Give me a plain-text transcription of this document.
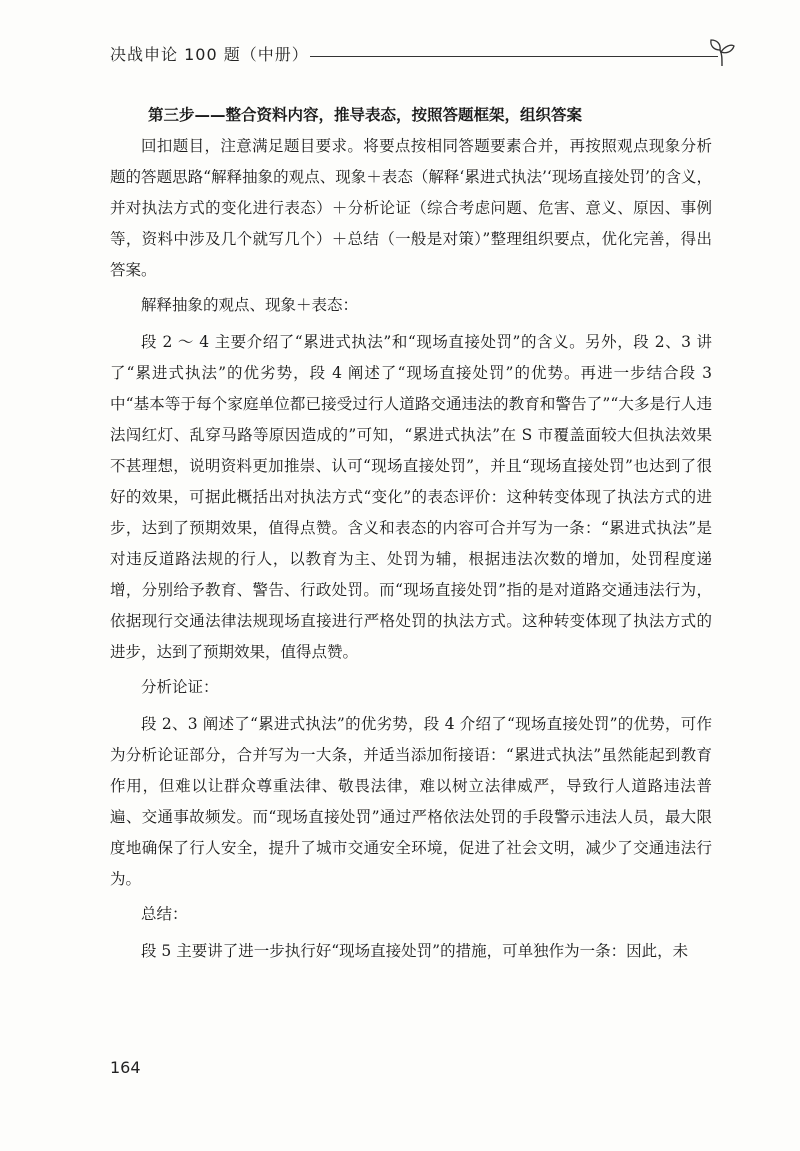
决战申论 100 题（中册）

第三步——整合资料内容，推导表态，按照答题框架，组织答案

回扣题目，注意满足题目要求。将要点按相同答题要素合并，再按照观点现象分析题的答题思路“解释抽象的观点、现象＋表态（解释‘累进式执法’‘现场直接处罚’的含义，并对执法方式的变化进行表态）＋分析论证（综合考虑问题、危害、意义、原因、事例等，资料中涉及几个就写几个）＋总结（一般是对策）”整理组织要点，优化完善，得出答案。

解释抽象的观点、现象＋表态：

段 2 ～ 4 主要介绍了“累进式执法”和“现场直接处罚”的含义。另外，段 2、3 讲了“累进式执法”的优劣势，段 4 阐述了“现场直接处罚”的优势。再进一步结合段 3 中“基本等于每个家庭单位都已接受过行人道路交通违法的教育和警告了”“大多是行人违法闯红灯、乱穿马路等原因造成的”可知，“累进式执法”在 S 市覆盖面较大但执法效果不甚理想，说明资料更加推崇、认可“现场直接处罚”，并且“现场直接处罚”也达到了很好的效果，可据此概括出对执法方式“变化”的表态评价：这种转变体现了执法方式的进步，达到了预期效果，值得点赞。含义和表态的内容可合并写为一条：“累进式执法”是对违反道路法规的行人，以教育为主、处罚为辅，根据违法次数的增加，处罚程度递增，分别给予教育、警告、行政处罚。而“现场直接处罚”指的是对道路交通违法行为，依据现行交通法律法规现场直接进行严格处罚的执法方式。这种转变体现了执法方式的进步，达到了预期效果，值得点赞。

分析论证：

段 2、3 阐述了“累进式执法”的优劣势，段 4 介绍了“现场直接处罚”的优势，可作为分析论证部分，合并写为一大条，并适当添加衔接语：“累进式执法”虽然能起到教育作用，但难以让群众尊重法律、敬畏法律，难以树立法律威严，导致行人道路违法普遍、交通事故频发。而“现场直接处罚”通过严格依法处罚的手段警示违法人员，最大限度地确保了行人安全，提升了城市交通安全环境，促进了社会文明，减少了交通违法行为。

总结：

段 5 主要讲了进一步执行好“现场直接处罚”的措施，可单独作为一条：因此，未

164
